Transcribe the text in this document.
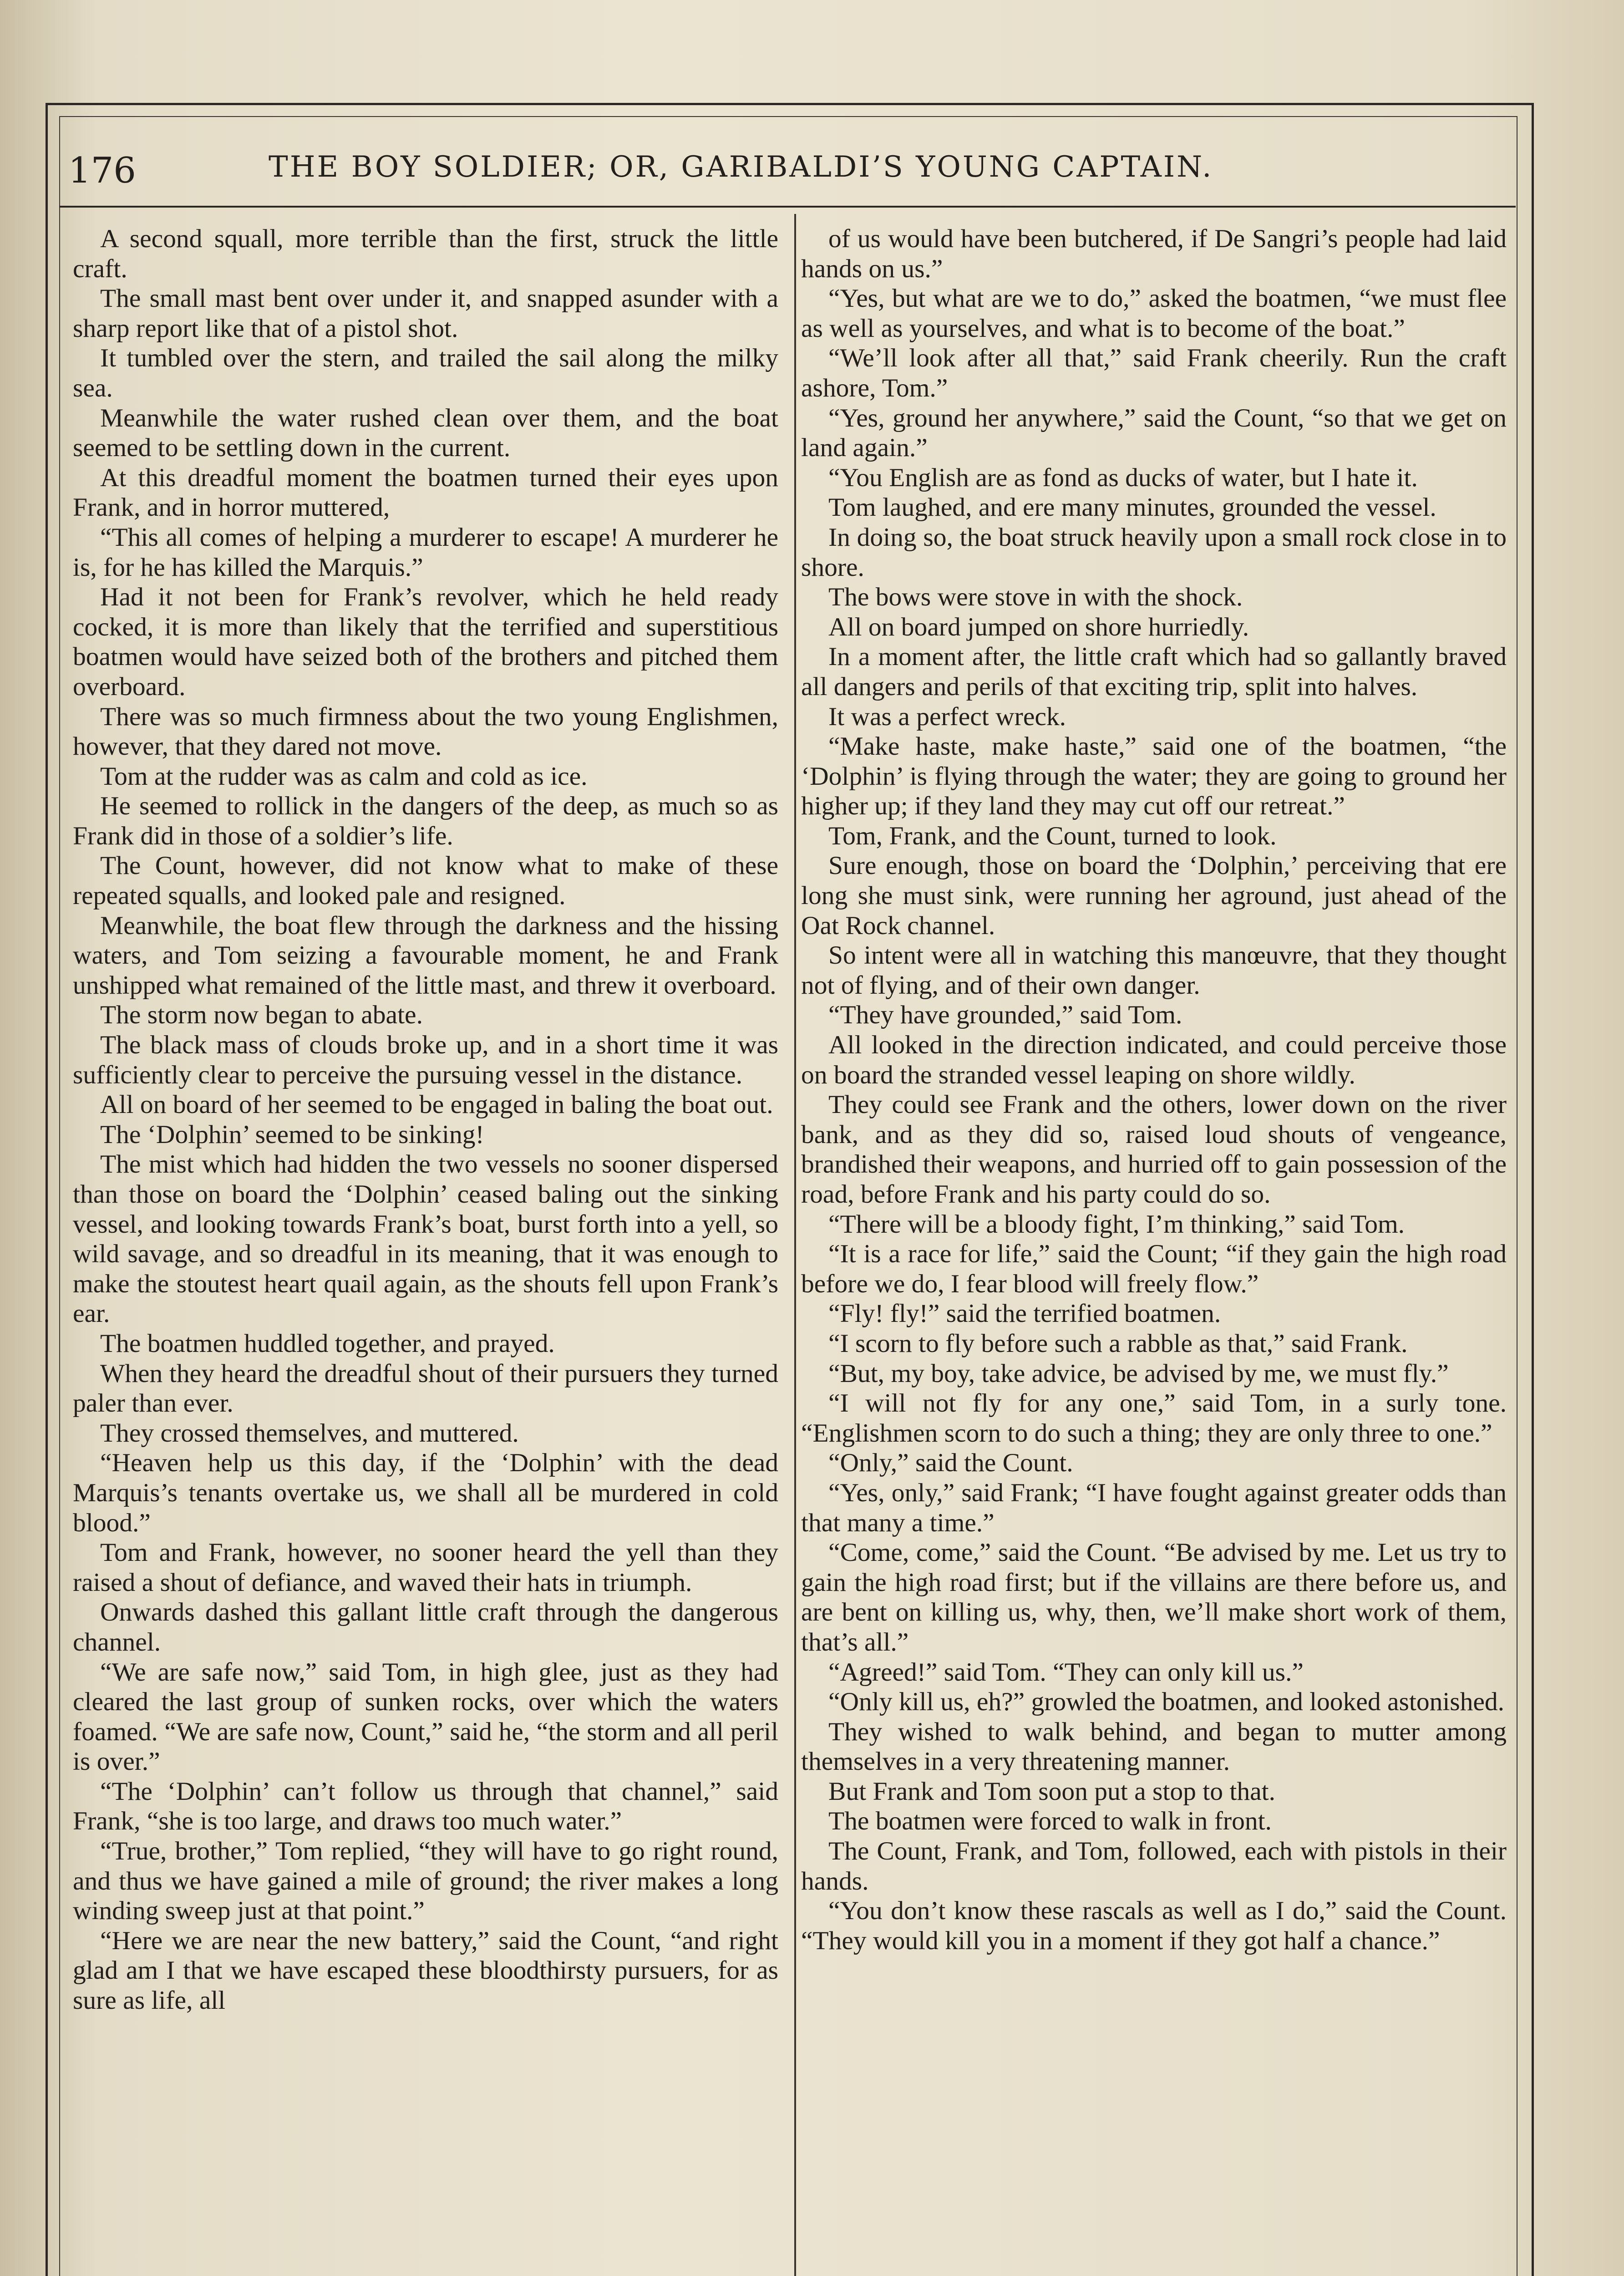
176	THE BOY SOLDIER; OR, GARIBALDI’S YOUNG CAPTAIN.

A second squall, more terrible than the first, struck the little craft.

The small mast bent over under it, and snapped asunder with a sharp report like that of a pistol shot.

It tumbled over the stern, and trailed the sail along the milky sea.

Meanwhile the water rushed clean over them, and the boat seemed to be settling down in the current.

At this dreadful moment the boatmen turned their eyes upon Frank, and in horror muttered,

“This all comes of helping a murderer to escape! A murderer he is, for he has killed the Marquis.”

Had it not been for Frank’s revolver, which he held ready cocked, it is more than likely that the terrified and superstitious boatmen would have seized both of the brothers and pitched them overboard.

There was so much firmness about the two young Englishmen, however, that they dared not move.

Tom at the rudder was as calm and cold as ice.

He seemed to rollick in the dangers of the deep, as much so as Frank did in those of a soldier’s life.

The Count, however, did not know what to make of these repeated squalls, and looked pale and resigned.

Meanwhile, the boat flew through the darkness and the hissing waters, and Tom seizing a favourable moment, he and Frank unshipped what remained of the little mast, and threw it overboard.

The storm now began to abate.

The black mass of clouds broke up, and in a short time it was sufficiently clear to perceive the pursuing vessel in the distance.

All on board of her seemed to be engaged in baling the boat out.

The ‘Dolphin’ seemed to be sinking!

The mist which had hidden the two vessels no sooner dispersed than those on board the ‘Dolphin’ ceased baling out the sinking vessel, and looking towards Frank’s boat, burst forth into a yell, so wild savage, and so dreadful in its meaning, that it was enough to make the stoutest heart quail again, as the shouts fell upon Frank’s ear.

The boatmen huddled together, and prayed.

When they heard the dreadful shout of their pursuers they turned paler than ever.

They crossed themselves, and muttered.

“Heaven help us this day, if the ‘Dolphin’ with the dead Marquis’s tenants overtake us, we shall all be murdered in cold blood.”

Tom and Frank, however, no sooner heard the yell than they raised a shout of defiance, and waved their hats in triumph.

Onwards dashed this gallant little craft through the dangerous channel.

“We are safe now,” said Tom, in high glee, just as they had cleared the last group of sunken rocks, over which the waters foamed. “We are safe now, Count,” said he, “the storm and all peril is over.”

“The ‘Dolphin’ can’t follow us through that channel,” said Frank, “she is too large, and draws too much water.”

“True, brother,” Tom replied, “they will have to go right round, and thus we have gained a mile of ground; the river makes a long winding sweep just at that point.”

“Here we are near the new battery,” said the Count, “and right glad am I that we have escaped these bloodthirsty pursuers, for as sure as life, all

of us would have been butchered, if De Sangri’s people had laid hands on us.”

“Yes, but what are we to do,” asked the boatmen, “we must flee as well as yourselves, and what is to become of the boat.”

“We’ll look after all that,” said Frank cheerily. Run the craft ashore, Tom.”

“Yes, ground her anywhere,” said the Count, “so that we get on land again.”

“You English are as fond as ducks of water, but I hate it.

Tom laughed, and ere many minutes, grounded the vessel.

In doing so, the boat struck heavily upon a small rock close in to shore.

The bows were stove in with the shock.

All on board jumped on shore hurriedly.

In a moment after, the little craft which had so gallantly braved all dangers and perils of that exciting trip, split into halves.

It was a perfect wreck.

“Make haste, make haste,” said one of the boatmen, “the ‘Dolphin’ is flying through the water; they are going to ground her higher up; if they land they may cut off our retreat.”

Tom, Frank, and the Count, turned to look.

Sure enough, those on board the ‘Dolphin,’ perceiving that ere long she must sink, were running her aground, just ahead of the Oat Rock channel.

So intent were all in watching this manœuvre, that they thought not of flying, and of their own danger.

“They have grounded,” said Tom.

All looked in the direction indicated, and could perceive those on board the stranded vessel leaping on shore wildly.

They could see Frank and the others, lower down on the river bank, and as they did so, raised loud shouts of vengeance, brandished their weapons, and hurried off to gain possession of the road, before Frank and his party could do so.

“There will be a bloody fight, I’m thinking,” said Tom.

“It is a race for life,” said the Count; “if they gain the high road before we do, I fear blood will freely flow.”

“Fly! fly!” said the terrified boatmen.

“I scorn to fly before such a rabble as that,” said Frank.

“But, my boy, take advice, be advised by me, we must fly.”

“I will not fly for any one,” said Tom, in a surly tone. “Englishmen scorn to do such a thing; they are only three to one.”

“Only,” said the Count.

“Yes, only,” said Frank; “I have fought against greater odds than that many a time.”

“Come, come,” said the Count. “Be advised by me. Let us try to gain the high road first; but if the villains are there before us, and are bent on killing us, why, then, we’ll make short work of them, that’s all.”

“Agreed!” said Tom. “They can only kill us.”

“Only kill us, eh?” growled the boatmen, and looked astonished.

They wished to walk behind, and began to mutter among themselves in a very threatening manner.

But Frank and Tom soon put a stop to that.

The boatmen were forced to walk in front.

The Count, Frank, and Tom, followed, each with pistols in their hands.

“You don’t know these rascals as well as I do,” said the Count. “They would kill you in a moment if they got half a chance.”
